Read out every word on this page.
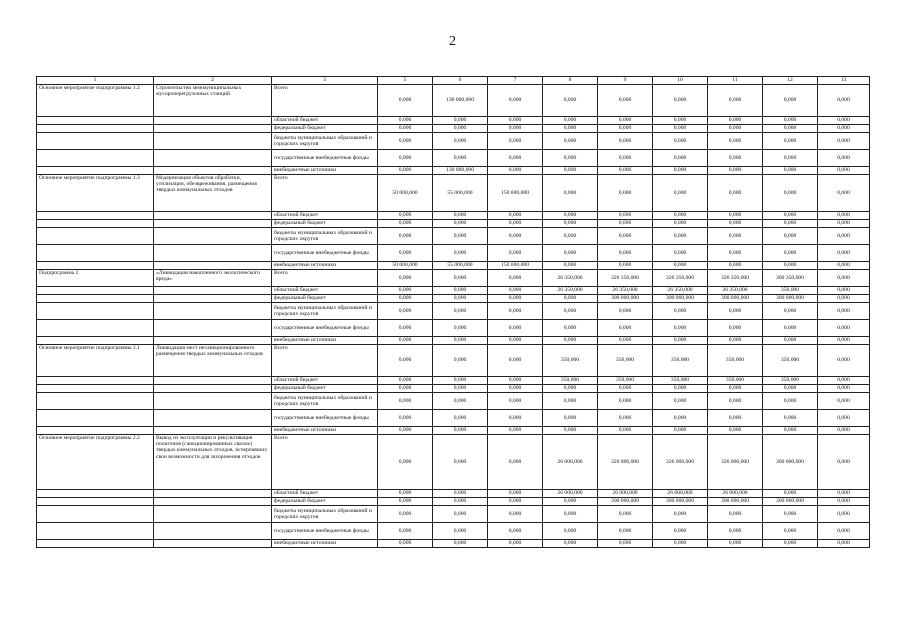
2
1	2	3	5	6	7	8	9	10	11	12	13
Основное мероприятие подпрограммы 1.2	Строительство межмуниципальных мусороперегрузочных станций	Всего	0,000	130 000,000	0,000	0,000	0,000	0,000	0,000	0,000	0,000
		областной бюджет	0,000	0,000	0,000	0,000	0,000	0,000	0,000	0,000	0,000
		федеральный бюджет	0,000	0,000	0,000	0,000	0,000	0,000	0,000	0,000	0,000
		бюджеты муниципальных образований и городских округов	0,000	0,000	0,000	0,000	0,000	0,000	0,000	0,000	0,000
		государственные внебюджетные фонды	0,000	0,000	0,000	0,000	0,000	0,000	0,000	0,000	0,000
		внебюджетные источники	0,000	130 000,000	0,000	0,000	0,000	0,000	0,000	0,000	0,000
Основное мероприятие подпрограммы 1.3	Модернизация объектов обработки, утилизации, обезвреживания, размещения твердых коммунальных отходов	Всего	50 000,000	55 000,000	150 000,000	0,000	0,000	0,000	0,000	0,000	0,000
		областной бюджет	0,000	0,000	0,000	0,000	0,000	0,000	0,000	0,000	0,000
		федеральный бюджет	0,000	0,000	0,000	0,000	0,000	0,000	0,000	0,000	0,000
		бюджеты муниципальных образований и городских округов	0,000	0,000	0,000	0,000	0,000	0,000	0,000	0,000	0,000
		государственные внебюджетные фонды	0,000	0,000	0,000	0,000	0,000	0,000	0,000	0,000	0,000
		внебюджетные источники	50 000,000	55 000,000	150 000,000	0,000	0,000	0,000	0,000	0,000	0,000
Подпрограмма 2	«Ликвидация накопленного экологического вреда»	Всего	0,000	0,000	0,000	26 350,000	326 350,000	326 350,000	326 350,000	300 350,000	0,000
		областной бюджет	0,000	0,000	0,000	26 350,000	26 350,000	26 350,000	26 350,000	350,000	0,000
		федеральный бюджет	0,000	0,000	0,000	0,000	300 000,000	300 000,000	300 000,000	300 000,000	0,000
		бюджеты муниципальных образований и городских округов	0,000	0,000	0,000	0,000	0,000	0,000	0,000	0,000	0,000
		государственные внебюджетные фонды	0,000	0,000	0,000	0,000	0,000	0,000	0,000	0,000	0,000
		внебюджетные источники	0,000	0,000	0,000	0,000	0,000	0,000	0,000	0,000	0,000
Основное мероприятие подпрограммы 2.1	Ликвидация мест несанкционированного размещения твердых коммунальных отходов	Всего	0,000	0,000	0,000	350,000	350,000	350,000	350,000	350,000	0,000
		областной бюджет	0,000	0,000	0,000	350,000	350,000	350,000	350,000	350,000	0,000
		федеральный бюджет	0,000	0,000	0,000	0,000	0,000	0,000	0,000	0,000	0,000
		бюджеты муниципальных образований и городских округов	0,000	0,000	0,000	0,000	0,000	0,000	0,000	0,000	0,000
		государственные внебюджетные фонды	0,000	0,000	0,000	0,000	0,000	0,000	0,000	0,000	0,000
		внебюджетные источники	0,000	0,000	0,000	0,000	0,000	0,000	0,000	0,000	0,000
Основное мероприятие подпрограммы 2.2	Вывод из эксплуатации и рекультивация полигонов (санкционированных свалок) твердых коммунальных отходов, исчерпавших свои возможности для захоронения отходов	Всего	0,000	0,000	0,000	26 000,000	326 000,000	326 000,000	326 000,000	300 000,000	0,000
		областной бюджет	0,000	0,000	0,000	26 000,000	26 000,000	26 000,000	26 000,000	0,000	0,000
		федеральный бюджет	0,000	0,000	0,000	0,000	300 000,000	300 000,000	300 000,000	300 000,000	0,000
		бюджеты муниципальных образований и городских округов	0,000	0,000	0,000	0,000	0,000	0,000	0,000	0,000	0,000
		государственные внебюджетные фонды	0,000	0,000	0,000	0,000	0,000	0,000	0,000	0,000	0,000
		внебюджетные источники	0,000	0,000	0,000	0,000	0,000	0,000	0,000	0,000	0,000
